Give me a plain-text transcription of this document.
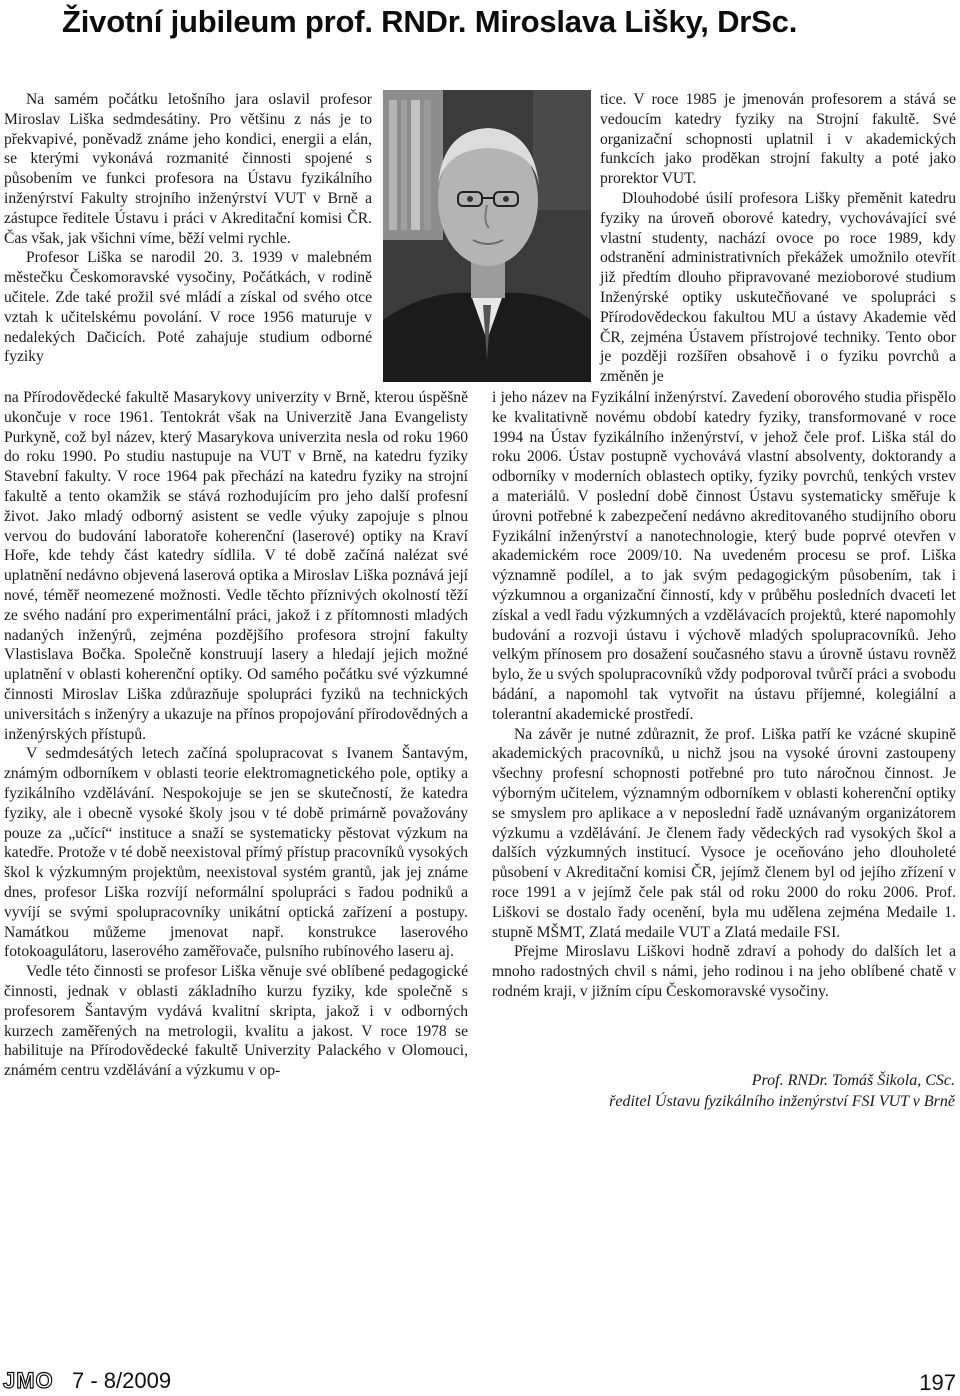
Životní jubileum prof. RNDr. Miroslava Lišky, DrSc.

Na samém počátku letošního jara oslavil profesor Miroslav Liška sedmdesátiny. Pro většinu z nás je to překvapivé, poněvadž známe jeho kondici, energii a elán, se kterými vykonává rozmanité činnosti spojené s působením ve funkci profesora na Ústavu fyzikálního inženýrství Fakulty strojního inženýrství VUT v Brně a zástupce ředitele Ústavu i práci v Akreditační komisi ČR. Čas však, jak všichni víme, běží velmi rychle.

Profesor Liška se narodil 20. 3. 1939 v malebném městečku Českomoravské vysočiny, Počátkách, v rodině učitele. Zde také prožil své mládí a získal od svého otce vztah k učitelskému povolání. V roce 1956 maturuje v nedalekých Dačicích. Poté zahajuje studium odborné fyziky

tice. V roce 1985 je jmenován profesorem a stává se vedoucím katedry fyziky na Strojní fakultě. Své organizační schopnosti uplatnil i v akademických funkcích jako proděkan strojní fakulty a poté jako prorektor VUT.

Dlouhodobé úsilí profesora Lišky přeměnit katedru fyziky na úroveň oborové katedry, vychovávající své vlastní studenty, nachází ovoce po roce 1989, kdy odstranění administrativních překážek umožnilo otevřít již předtím dlouho připravované mezioborové studium Inženýrské optiky uskutečňované ve spolupráci s Přírodovědeckou fakultou MU a ústavy Akademie věd ČR, zejména Ústavem přístrojové techniky. Tento obor je později rozšířen obsahově i o fyziku povrchů a změněn je

na Přírodovědecké fakultě Masarykovy univerzity v Brně, kterou úspěšně ukončuje v roce 1961. Tentokrát však na Univerzitě Jana Evangelisty Purkyně, což byl název, který Masarykova univerzita nesla od roku 1960 do roku 1990. Po studiu nastupuje na VUT v Brně, na katedru fyziky Stavební fakulty. V roce 1964 pak přechází na katedru fyziky na strojní fakultě a tento okamžik se stává rozhodujícím pro jeho další profesní život. Jako mladý odborný asistent se vedle výuky zapojuje s plnou vervou do budování laboratoře koherenční (laserové) optiky na Kraví Hoře, kde tehdy část katedry sídlila. V té době začíná nalézat své uplatnění nedávno objevená laserová optika a Miroslav Liška poznává její nové, téměř neomezené možnosti. Vedle těchto příznivých okolností těží ze svého nadání pro experimentální práci, jakož i z přítomnosti mladých nadaných inženýrů, zejména pozdějšího profesora strojní fakulty Vlastislava Bočka. Společně konstruují lasery a hledají jejich možné uplatnění v oblasti koherenční optiky. Od samého počátku své výzkumné činnosti Miroslav Liška zdůrazňuje spolupráci fyziků na technických universitách s inženýry a ukazuje na přínos propojování přírodovědných a inženýrských přístupů.

V sedmdesátých letech začíná spolupracovat s Ivanem Šantavým, známým odborníkem v oblasti teorie elektromagnetického pole, optiky a fyzikálního vzdělávání. Nespokojuje se jen se skutečností, že katedra fyziky, ale i obecně vysoké školy jsou v té době primárně považovány pouze za „učící“ instituce a snaží se systematicky pěstovat výzkum na katedře. Protože v té době neexistoval přímý přístup pracovníků vysokých škol k výzkumným projektům, neexistoval systém grantů, jak jej známe dnes, profesor Liška rozvíjí neformální spolupráci s řadou podniků a vyvíjí se svými spolupracovníky unikátní optická zařízení a postupy. Namátkou můžeme jmenovat např. konstrukce laserového fotokoagulátoru, laserového zaměřovače, pulsního rubínového laseru aj.

Vedle této činnosti se profesor Liška věnuje své oblíbené pedagogické činnosti, jednak v oblasti základního kurzu fyziky, kde společně s profesorem Šantavým vydává kvalitní skripta, jakož i v odborných kurzech zaměřených na metrologii, kvalitu a jakost. V roce 1978 se habilituje na Přírodovědecké fakultě Univerzity Palackého v Olomouci, známém centru vzdělávání a výzkumu v op-

i jeho název na Fyzikální inženýrství. Zavedení oborového studia přispělo ke kvalitativně novému období katedry fyziky, transformované v roce 1994 na Ústav fyzikálního inženýrství, v jehož čele prof. Liška stál do roku 2006. Ústav postupně vychovává vlastní absolventy, doktorandy a odborníky v moderních oblastech optiky, fyziky povrchů, tenkých vrstev a materiálů. V poslední době činnost Ústavu systematicky směřuje k úrovni potřebné k zabezpečení nedávno akreditovaného studijního oboru Fyzikální inženýrství a nanotechnologie, který bude poprvé otevřen v akademickém roce 2009/10. Na uvedeném procesu se prof. Liška významně podílel, a to jak svým pedagogickým působením, tak i výzkumnou a organizační činností, kdy v průběhu posledních dvaceti let získal a vedl řadu výzkumných a vzdělávacích projektů, které napomohly budování a rozvoji ústavu i výchově mladých spolupracovníků. Jeho velkým přínosem pro dosažení současného stavu a úrovně ústavu rovněž bylo, že u svých spolupracovníků vždy podporoval tvůrčí práci a svobodu bádání, a napomohl tak vytvořit na ústavu příjemné, kolegiální a tolerantní akademické prostředí.

Na závěr je nutné zdůraznit, že prof. Liška patří ke vzácné skupině akademických pracovníků, u nichž jsou na vysoké úrovni zastoupeny všechny profesní schopnosti potřebné pro tuto náročnou činnost. Je výborným učitelem, významným odborníkem v oblasti koherenční optiky se smyslem pro aplikace a v neposlední řadě uznávaným organizátorem výzkumu a vzdělávání. Je členem řady vědeckých rad vysokých škol a dalších výzkumných institucí. Vysoce je oceňováno jeho dlouholeté působení v Akreditační komisi ČR, jejímž členem byl od jejího zřízení v roce 1991 a v jejímž čele pak stál od roku 2000 do roku 2006. Prof. Liškovi se dostalo řady ocenění, byla mu udělena zejména Medaile 1. stupně MŠMT, Zlatá medaile VUT a Zlatá medaile FSI.

Přejme Miroslavu Liškovi hodně zdraví a pohody do dalších let a mnoho radostných chvil s námi, jeho rodinou i na jeho oblíbené chatě v rodném kraji, v jižním cípu Českomoravské vysočiny.

Prof. RNDr. Tomáš Šikola, CSc.
ředitel Ústavu fyzikálního inženýrství FSI VUT v Brně
JMO 7 - 8/2009	197
